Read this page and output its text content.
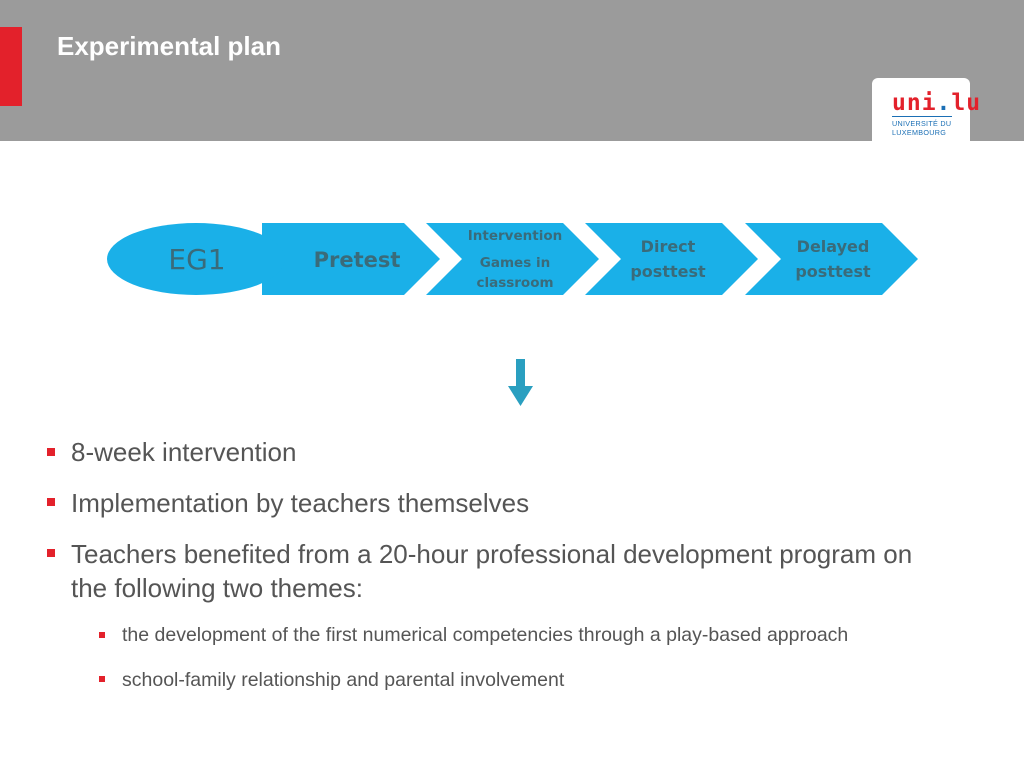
Experimental plan
uni.lu
UNIVERSITÉ DU
LUXEMBOURG
EG1	Pretest
Intervention
Games in
classroom
Direct
posttest
Delayed
posttest
8-week intervention
Implementation by teachers themselves
Teachers benefited from a 20-hour professional development program on
the following two themes:
the development of the first numerical competencies through a play-based approach
school-family relationship and parental involvement
